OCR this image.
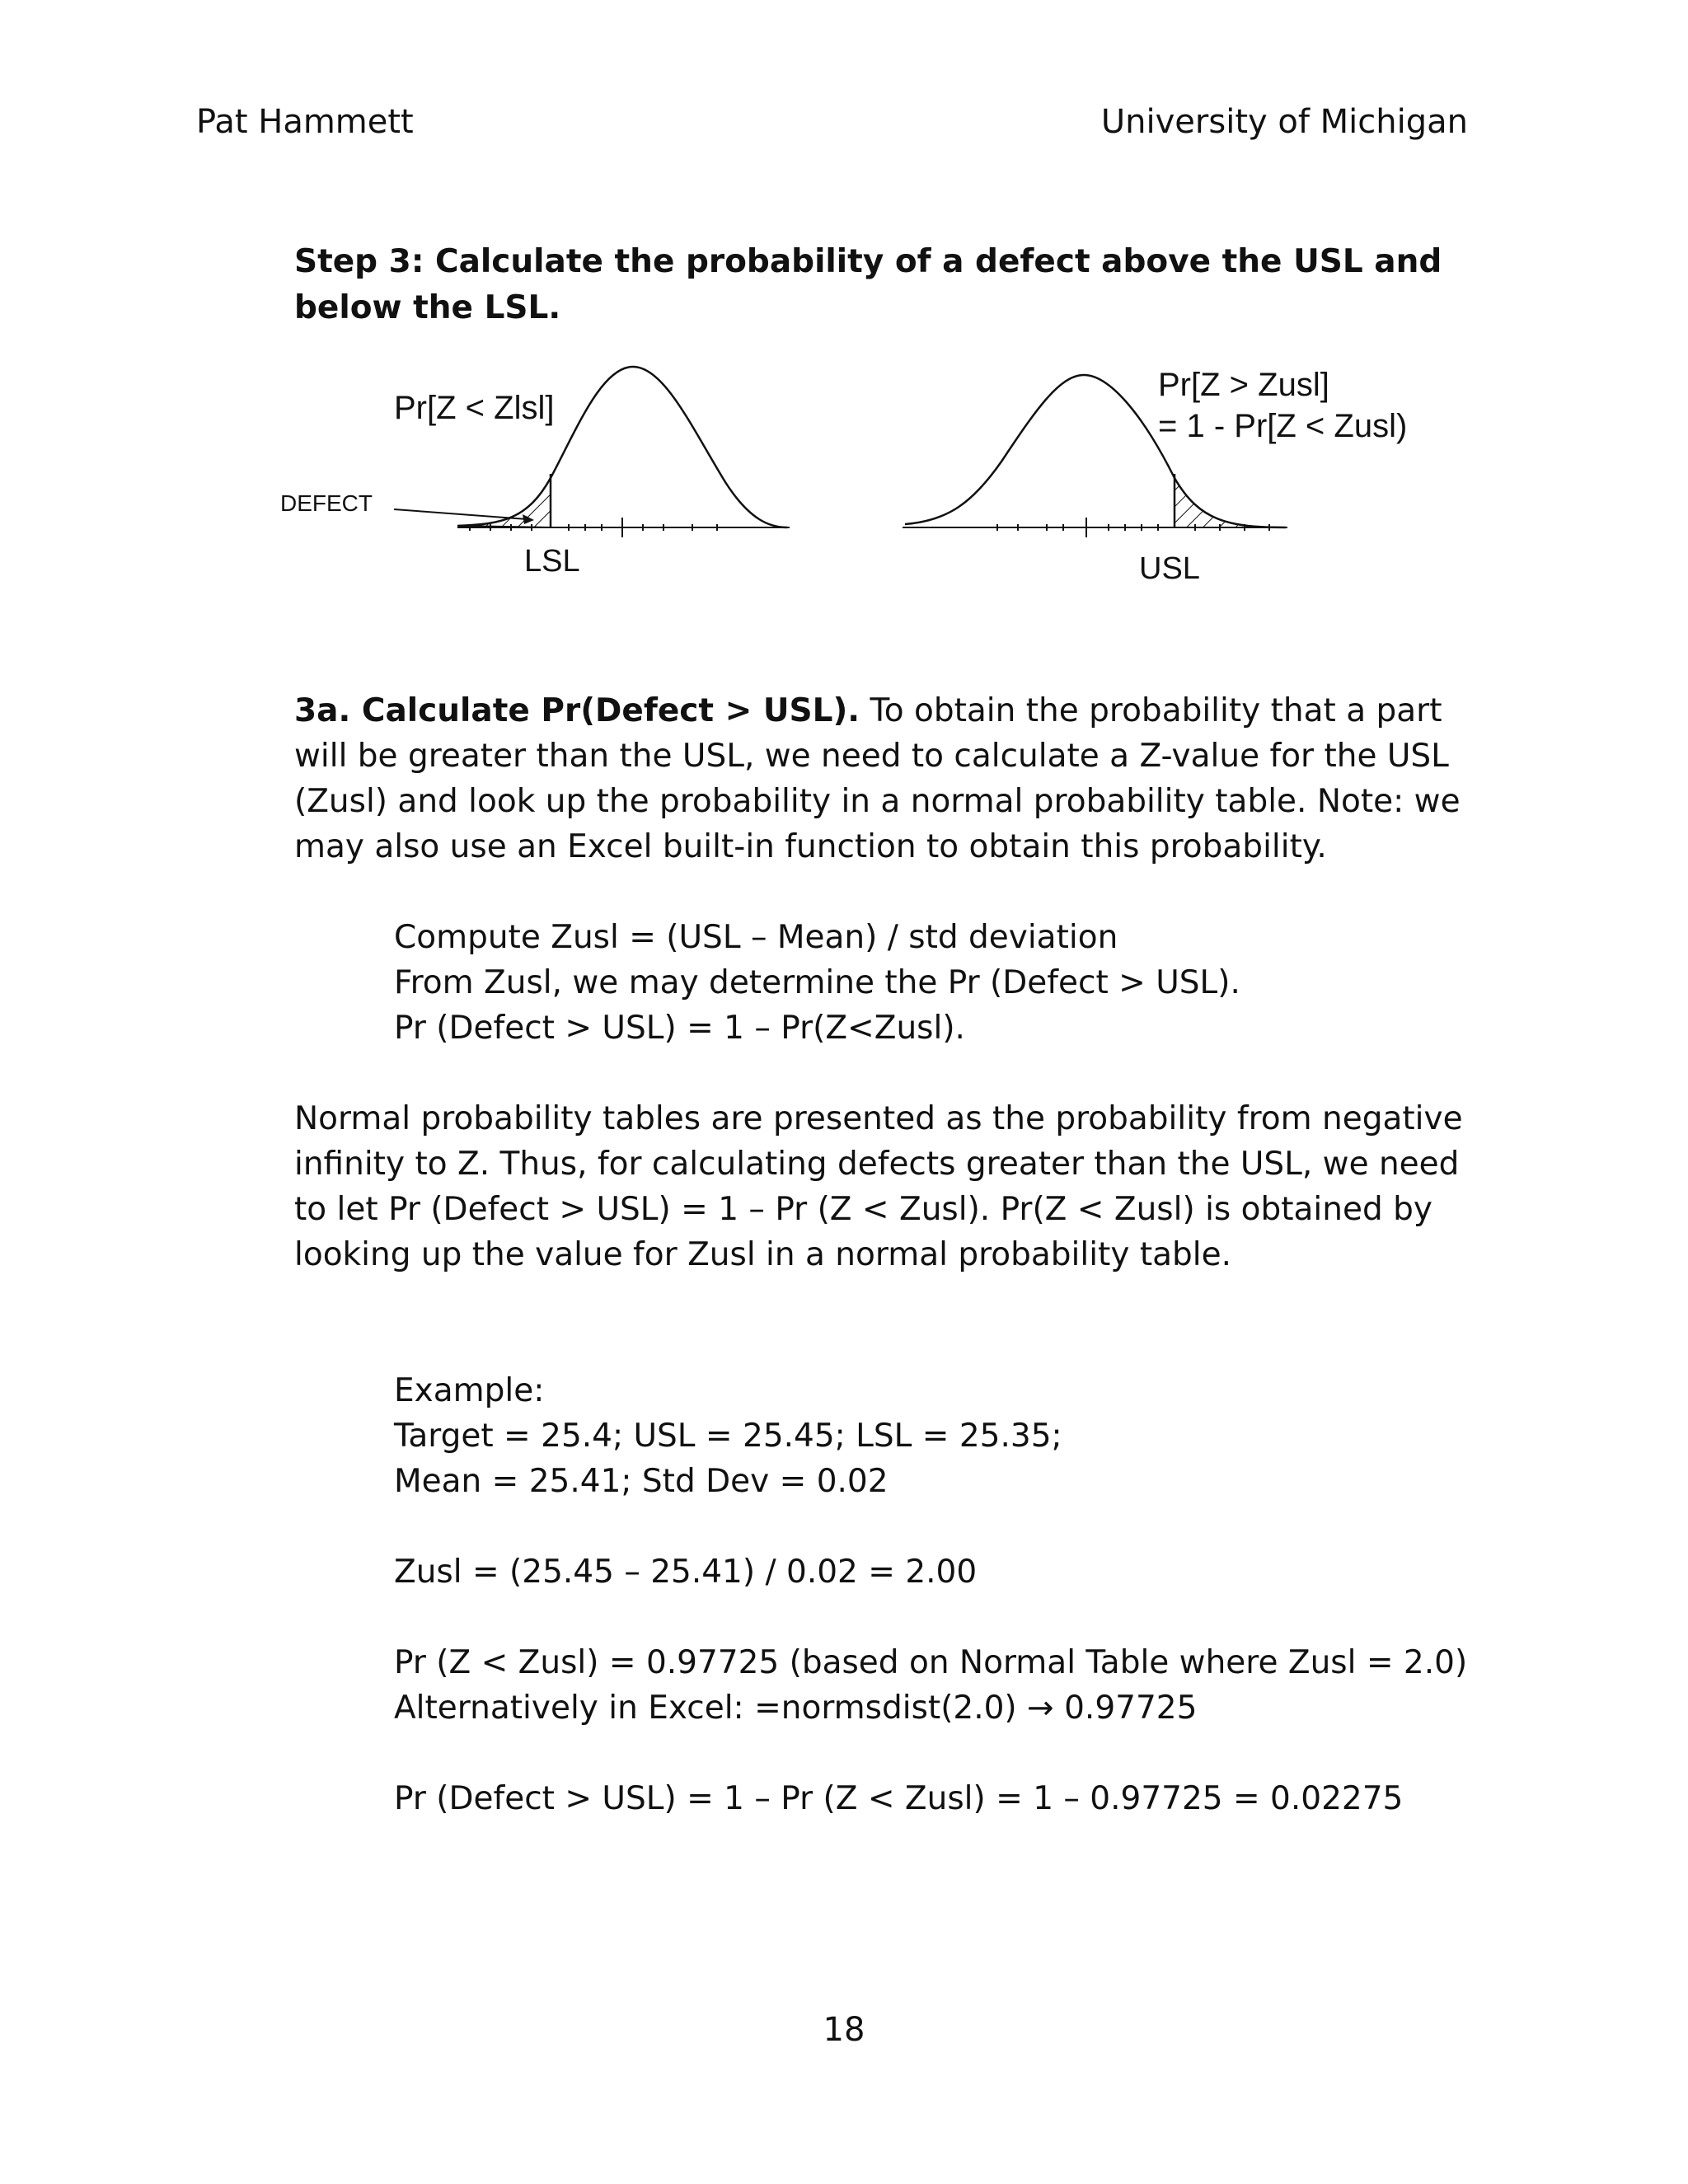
Pat Hammett	University of Michigan
Step 3: Calculate the probability of a defect above the USL and below the LSL.
Pr[Z < Zlsl]
DEFECT
LSL
Pr[Z > Zusl]
= 1 - Pr[Z < Zusl)
USL
3a. Calculate Pr(Defect > USL). To obtain the probability that a part will be greater than the USL, we need to calculate a Z-value for the USL (Zusl) and look up the probability in a normal probability table. Note: we may also use an Excel built-in function to obtain this probability.
Compute Zusl = (USL – Mean) / std deviation
From Zusl, we may determine the Pr (Defect > USL).
Pr (Defect > USL) = 1 – Pr(Z<Zusl).
Normal probability tables are presented as the probability from negative infinity to Z. Thus, for calculating defects greater than the USL, we need to let Pr (Defect > USL) = 1 – Pr (Z < Zusl). Pr(Z < Zusl) is obtained by looking up the value for Zusl in a normal probability table.
Example:
Target = 25.4; USL = 25.45; LSL = 25.35;
Mean = 25.41; Std Dev = 0.02
Zusl = (25.45 – 25.41) / 0.02 = 2.00
Pr (Z < Zusl) = 0.97725 (based on Normal Table where Zusl = 2.0)
Alternatively in Excel: =normsdist(2.0) → 0.97725
Pr (Defect > USL) = 1 – Pr (Z < Zusl) = 1 – 0.97725 = 0.02275
18
